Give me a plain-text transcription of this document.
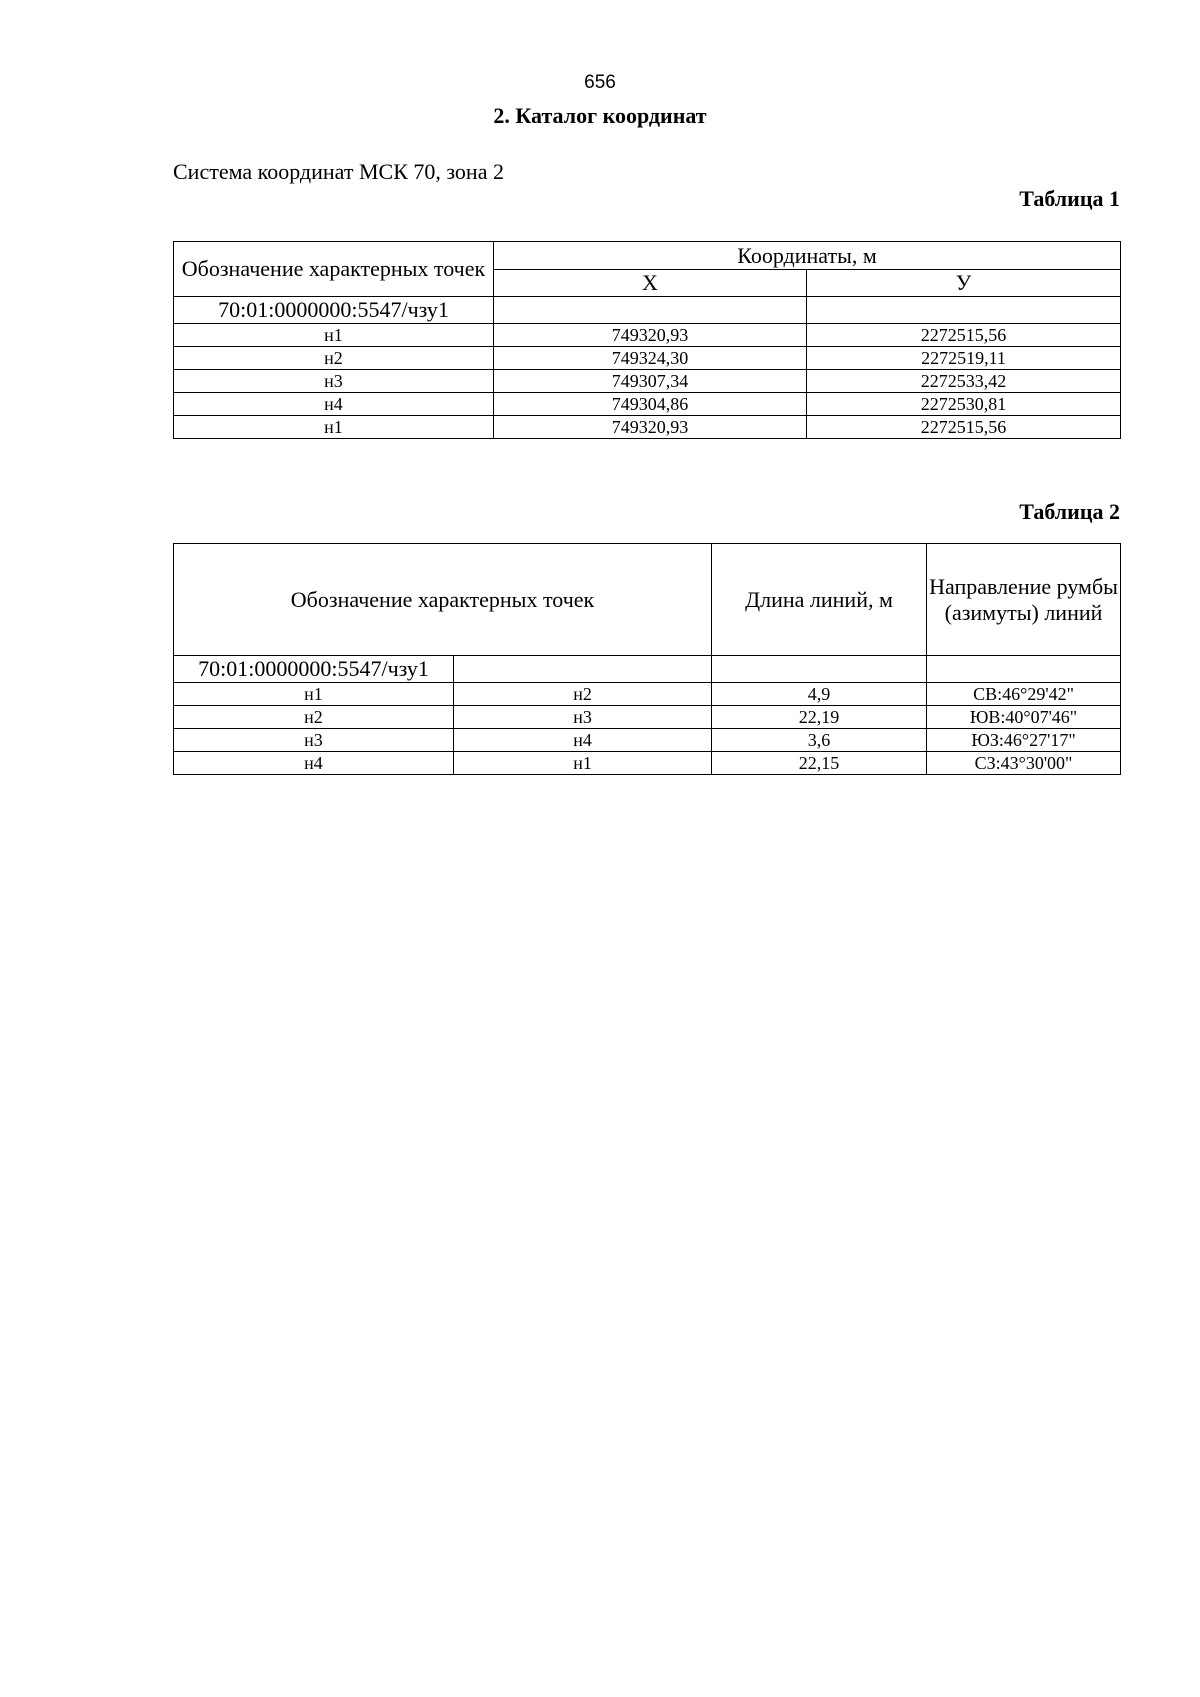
656
2. Каталог координат
Система координат МСК 70, зона 2
Таблица 1
Обозначение характерных точек	Координаты, м	
	X	У
70:01:0000000:5547/чзу1		
н1	749320,93	2272515,56
н2	749324,30	2272519,11
н3	749307,34	2272533,42
н4	749304,86	2272530,81
н1	749320,93	2272515,56
Таблица 2
Обозначение характерных точек		Длина линий, м	Направление румбы (азимуты) линий
70:01:0000000:5547/чзу1			
н1	н2	4,9	СВ:46°29'42"
н2	н3	22,19	ЮВ:40°07'46"
н3	н4	3,6	ЮЗ:46°27'17"
н4	н1	22,15	СЗ:43°30'00"
